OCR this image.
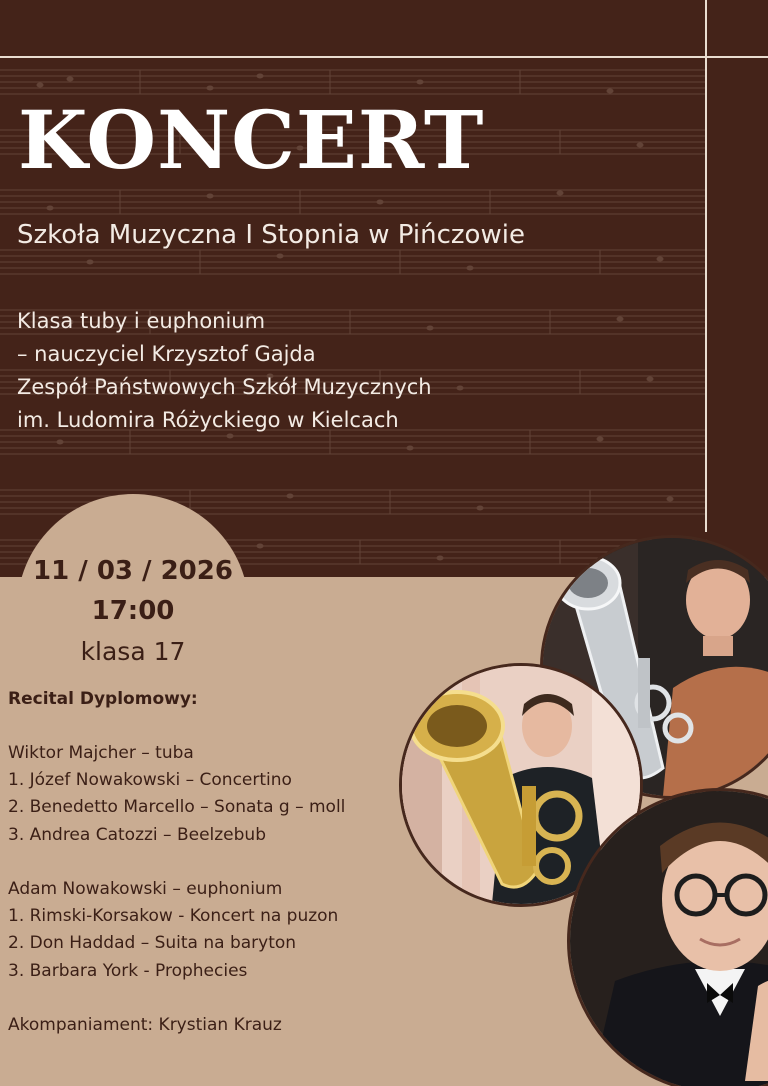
KONCERT
Szkoła Muzyczna I Stopnia w Pińczowie
Klasa tuby i euphonium
– nauczyciel Krzysztof Gajda
Zespół Państwowych Szkół Muzycznych
im. Ludomira Różyckiego w Kielcach
11 / 03 / 2026
17:00
klasa 17
Recital Dyplomowy:
Wiktor Majcher – tuba
1. Józef Nowakowski – Concertino
2. Benedetto Marcello – Sonata g – moll
3. Andrea Catozzi – Beelzebub
Adam Nowakowski – euphonium
1. Rimski-Korsakow - Koncert na puzon
2. Don Haddad – Suita na baryton
3. Barbara York - Prophecies
Akompaniament: Krystian Krauz
